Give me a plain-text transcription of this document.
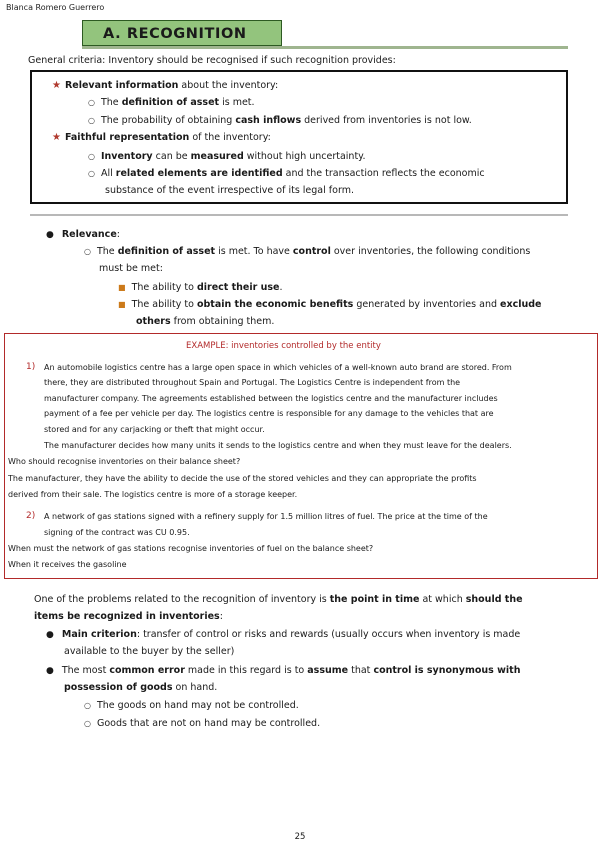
Blanca Romero Guerrero
A. RECOGNITION
General criteria: Inventory should be recognised if such recognition provides:
★ Relevant information about the inventory:
○ The definition of asset is met.
○ The probability of obtaining cash inflows derived from inventories is not low.
★ Faithful representation of the inventory:
○ Inventory can be measured without high uncertainty.
○ All related elements are identified and the transaction reflects the economic
substance of the event irrespective of its legal form.
● Relevance:
○ The definition of asset is met. To have control over inventories, the following conditions
must be met:
■ The ability to direct their use.
■ The ability to obtain the economic benefits generated by inventories and exclude
others from obtaining them.
EXAMPLE: inventories controlled by the entity
1) An automobile logistics centre has a large open space in which vehicles of a well-known auto brand are stored. From
there, they are distributed throughout Spain and Portugal. The Logistics Centre is independent from the
manufacturer company. The agreements established between the logistics centre and the manufacturer includes
payment of a fee per vehicle per day. The logistics centre is responsible for any damage to the vehicles that are
stored and for any carjacking or theft that might occur.
The manufacturer decides how many units it sends to the logistics centre and when they must leave for the dealers.
Who should recognise inventories on their balance sheet?
The manufacturer, they have the ability to decide the use of the stored vehicles and they can appropriate the profits
derived from their sale. The logistics centre is more of a storage keeper.
2) A network of gas stations signed with a refinery supply for 1.5 million litres of fuel. The price at the time of the
signing of the contract was CU 0.95.
When must the network of gas stations recognise inventories of fuel on the balance sheet?
When it receives the gasoline
One of the problems related to the recognition of inventory is the point in time at which should the
items be recognized in inventories:
● Main criterion: transfer of control or risks and rewards (usually occurs when inventory is made
available to the buyer by the seller)
● The most common error made in this regard is to assume that control is synonymous with
possession of goods on hand.
○ The goods on hand may not be controlled.
○ Goods that are not on hand may be controlled.
25
